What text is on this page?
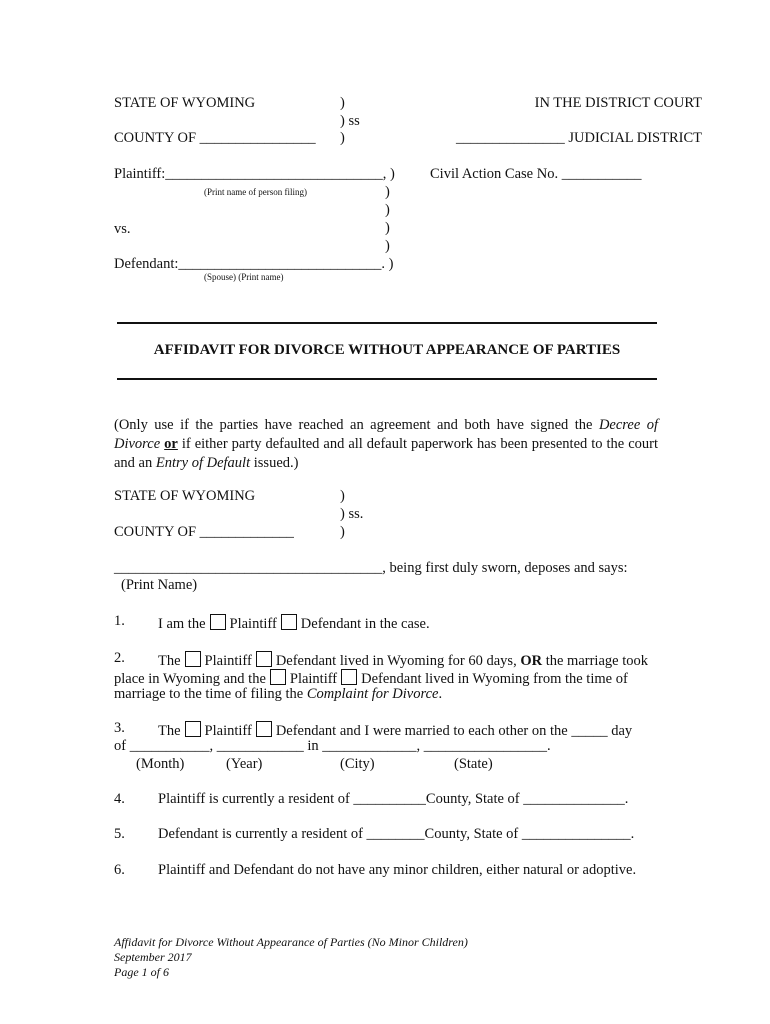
STATE OF WYOMING	)
) ss
COUNTY OF ________________ )
IN THE DISTRICT COURT
_______________ JUDICIAL DISTRICT
Plaintiff:______________________________, )
(Print name of person filing)
Civil Action Case No. ___________
)
)
)
)
vs.
Defendant:____________________________. )
(Spouse) (Print name)
AFFIDAVIT FOR DIVORCE WITHOUT APPEARANCE OF PARTIES
(Only use if the parties have reached an agreement and both have signed the Decree of Divorce or if either party defaulted and all default paperwork has been presented to the court and an Entry of Default issued.)
STATE OF WYOMING	)
) ss.
COUNTY OF _____________	)
_____________________________________, being first duly sworn, deposes and says:
(Print Name)
1. I am the Plaintiff Defendant in the case.
2. The Plaintiff Defendant lived in Wyoming for 60 days, OR the marriage took
place in Wyoming and the Plaintiff Defendant lived in Wyoming from the time of
marriage to the time of filing the Complaint for Divorce.
3. The Plaintiff Defendant and I were married to each other on the _____ day
of ___________, ____________ in _____________, _________________.
(Month)	(Year)	(City)	(State)
4. Plaintiff is currently a resident of __________County, State of ______________.
5. Defendant is currently a resident of ________County, State of _______________.
6. Plaintiff and Defendant do not have any minor children, either natural or adoptive.
Affidavit for Divorce Without Appearance of Parties (No Minor Children)
September 2017
Page 1 of 6
